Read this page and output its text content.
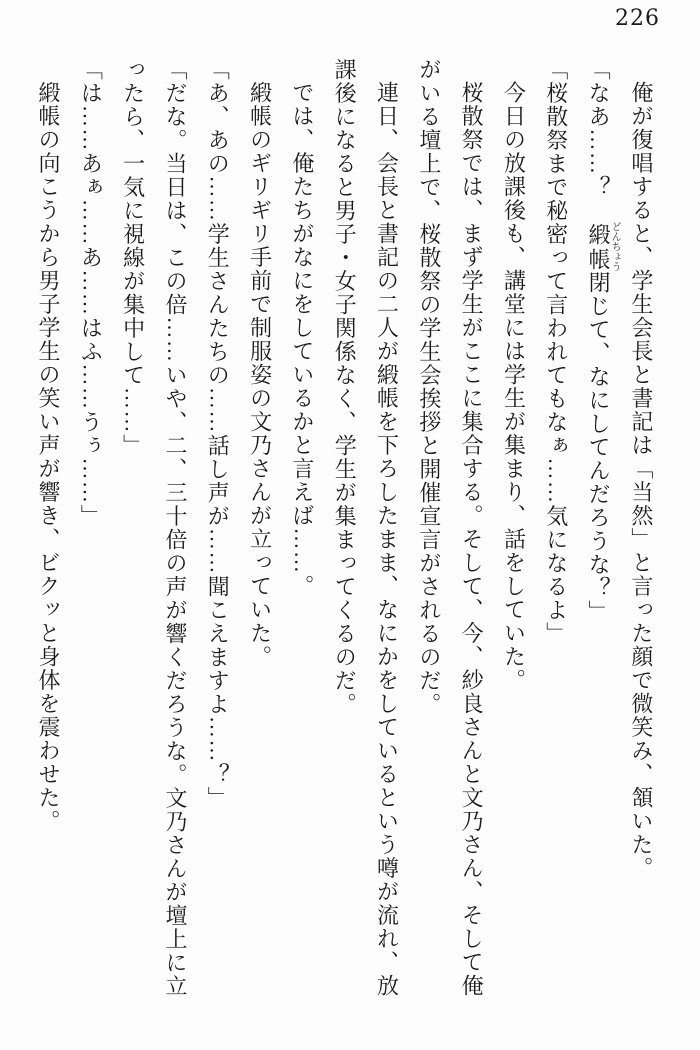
226
俺が復唱すると、学生会長と書記は「当然」と言った顔で微笑み、頷いた。
「なあ……？　緞帳どんちょう閉じて、なにしてんだろうな？」
「桜散祭まで秘密って言われてもなぁ……気になるよ」
今日の放課後も、講堂には学生が集まり、話をしていた。
桜散祭では、まず学生がここに集合する。そして、今、紗良さんと文乃さん、そして俺
がいる壇上で、桜散祭の学生会挨拶と開催宣言がされるのだ。
連日、会長と書記の二人が緞帳を下ろしたまま、なにかをしているという噂が流れ、放
課後になると男子・女子関係なく、学生が集まってくるのだ。
では、俺たちがなにをしているかと言えば……。
緞帳のギリギリ手前で制服姿の文乃さんが立っていた。
「あ、あの……学生さんたちの……話し声が……聞こえますよ……？」
「だな。当日は、この倍……いや、二、三十倍の声が響くだろうな。文乃さんが壇上に立
ったら、一気に視線が集中して……」
「は……あぁ……あ……はふ……うぅ……」
緞帳の向こうから男子学生の笑い声が響き、ビクッと身体を震わせた。
